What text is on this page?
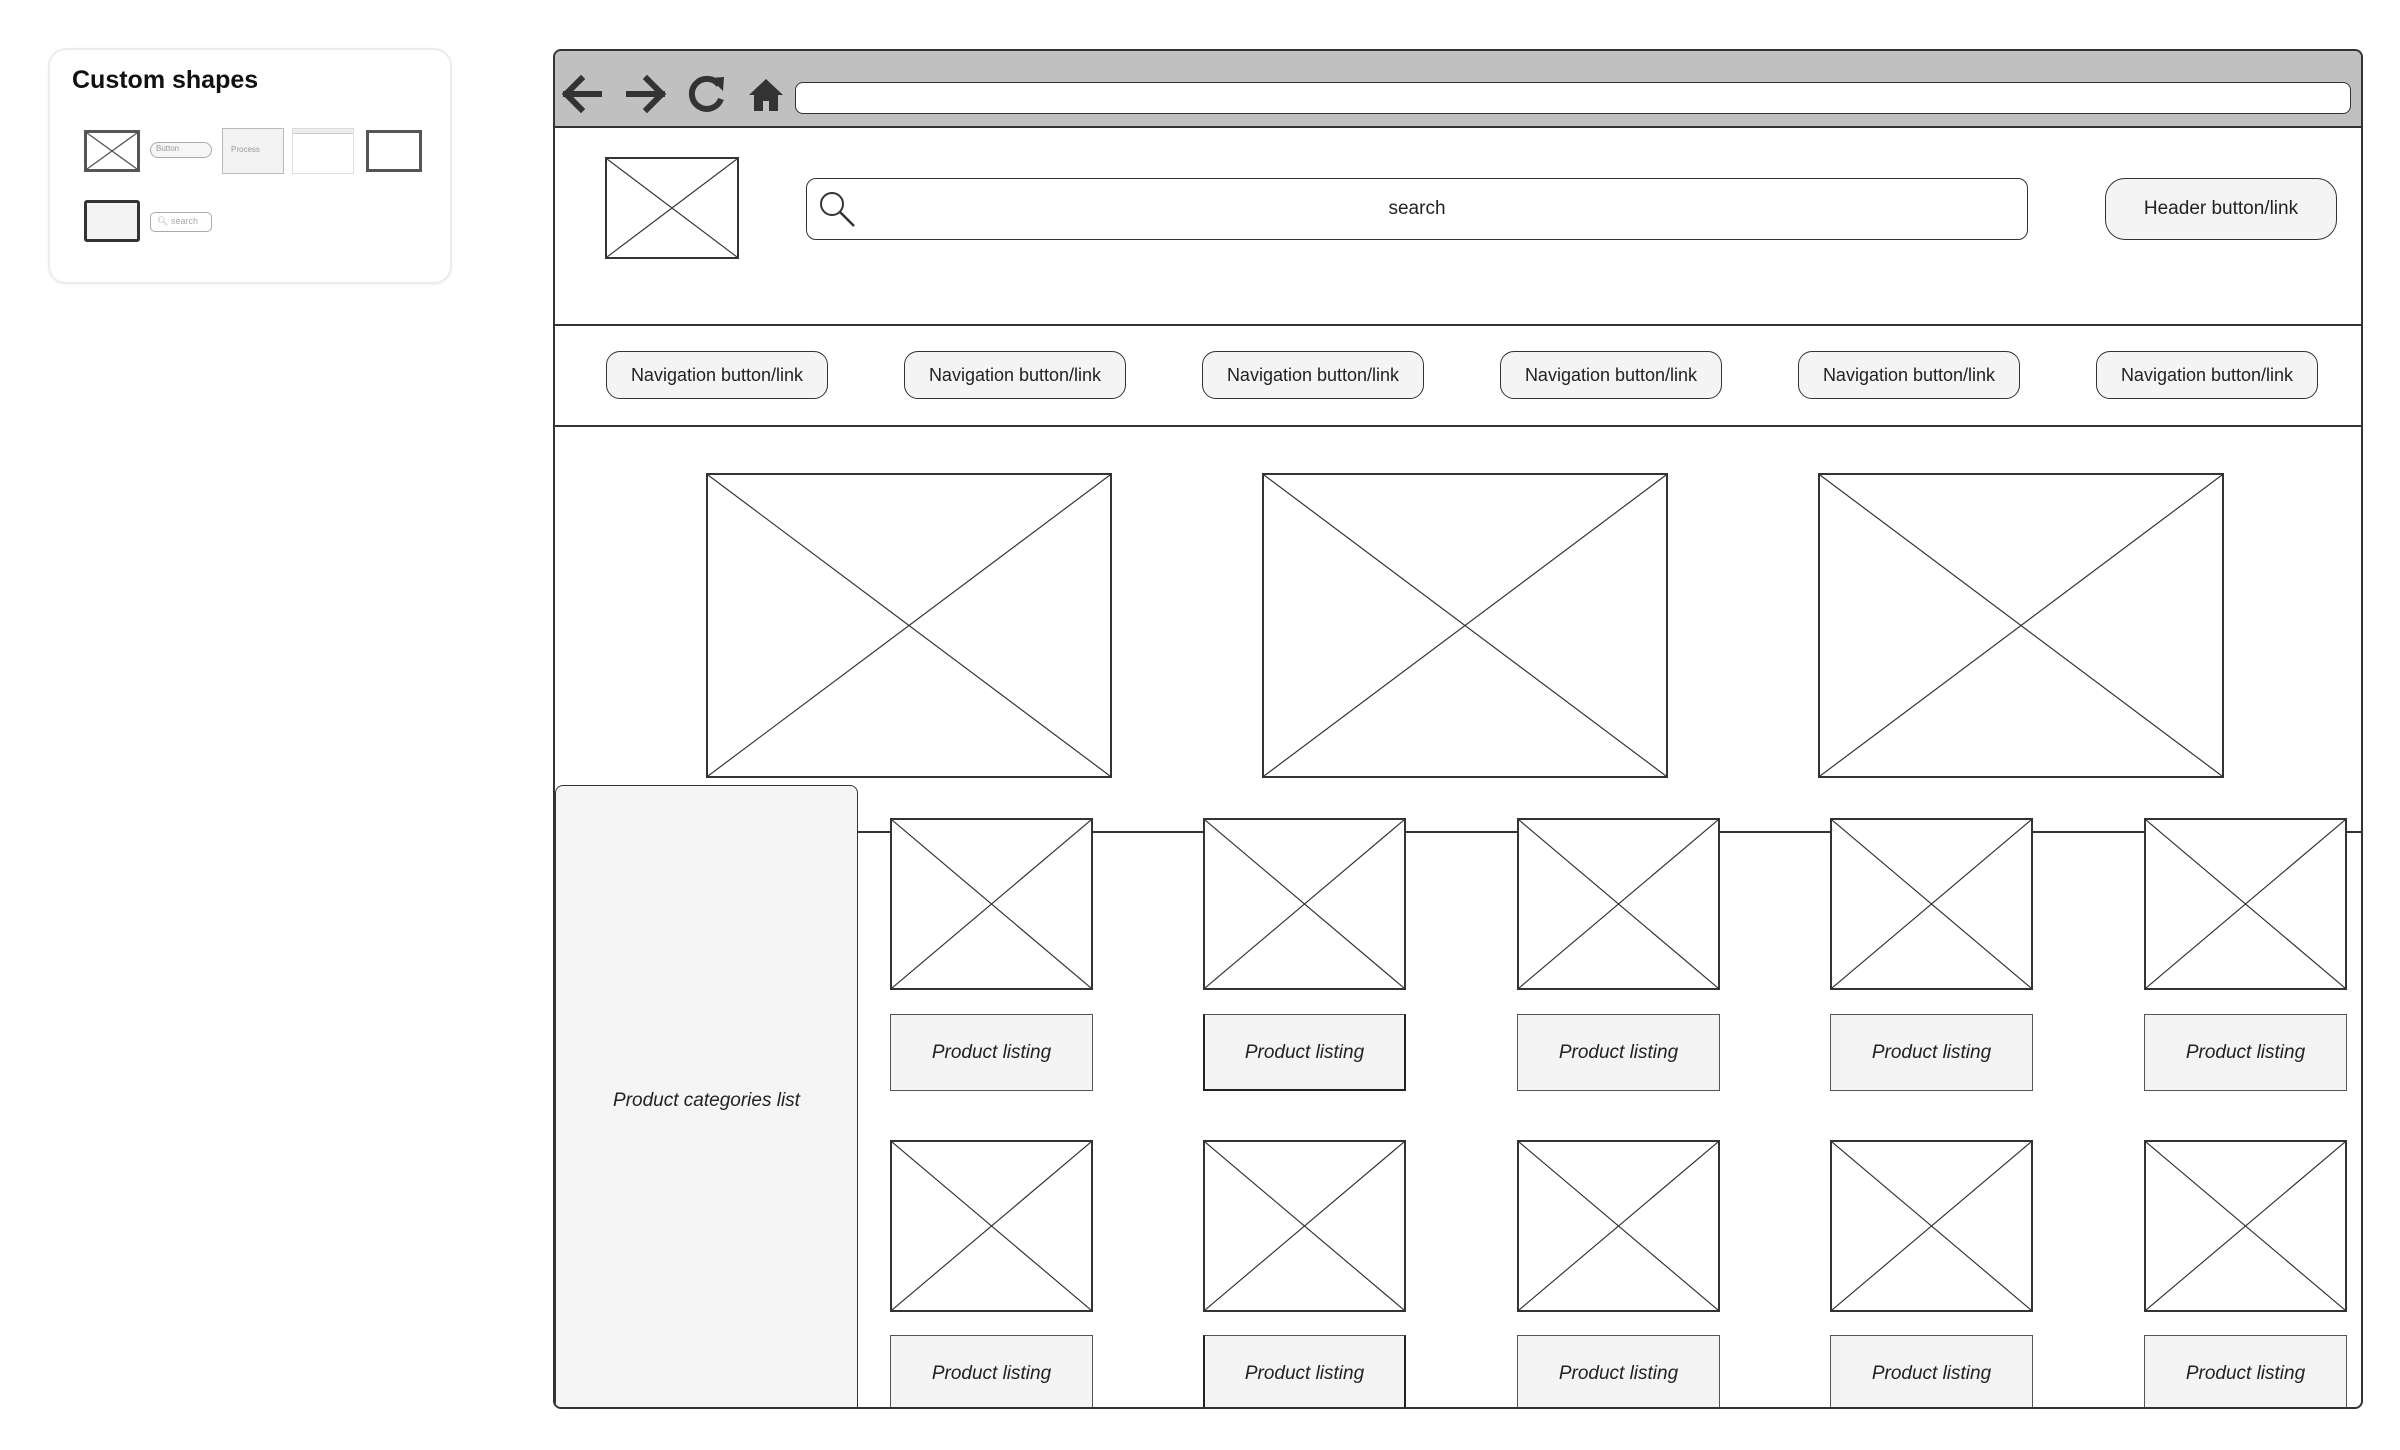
Custom shapes
Button	Process
🔍︎ search
search	Header button/link
Navigation button/link	Navigation button/link	Navigation button/link	Navigation button/link	Navigation button/link	Navigation button/link
Product categories list
Product listing	Product listing	Product listing	Product listing	Product listing
Product listing	Product listing	Product listing	Product listing	Product listing
